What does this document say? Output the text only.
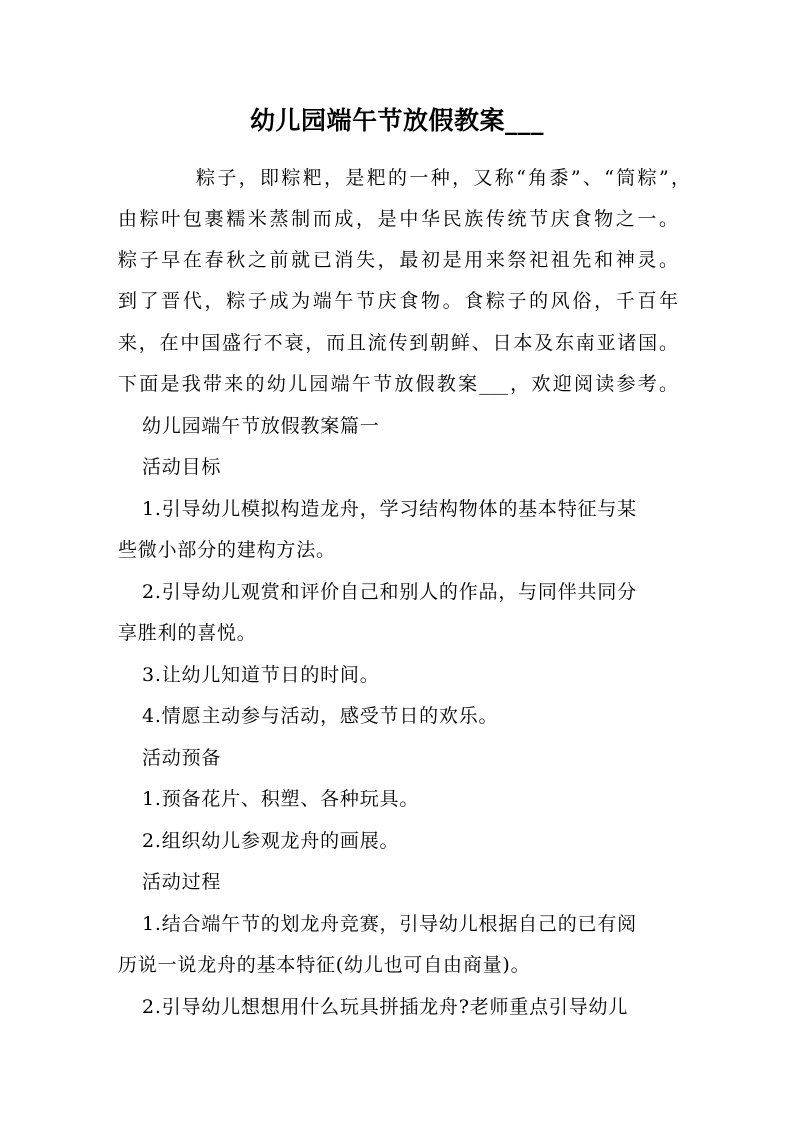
幼儿园端午节放假教案___
粽子，即粽粑，是粑的一种，又称“角黍”、“筒粽”，
由粽叶包裹糯米蒸制而成，是中华民族传统节庆食物之一。
粽子早在春秋之前就已消失，最初是用来祭祀祖先和神灵。
到了晋代，粽子成为端午节庆食物。食粽子的风俗，千百年
来，在中国盛行不衰，而且流传到朝鲜、日本及东南亚诸国。
下面是我带来的幼儿园端午节放假教案___，欢迎阅读参考。
幼儿园端午节放假教案篇一
活动目标
1.引导幼儿模拟构造龙舟，学习结构物体的基本特征与某
些微小部分的建构方法。
2.引导幼儿观赏和评价自己和别人的作品，与同伴共同分
享胜利的喜悦。
3.让幼儿知道节日的时间。
4.情愿主动参与活动，感受节日的欢乐。
活动预备
1.预备花片、积塑、各种玩具。
2.组织幼儿参观龙舟的画展。
活动过程
1.结合端午节的划龙舟竞赛，引导幼儿根据自己的已有阅
历说一说龙舟的基本特征(幼儿也可自由商量)。
2.引导幼儿想想用什么玩具拼插龙舟?老师重点引导幼儿
